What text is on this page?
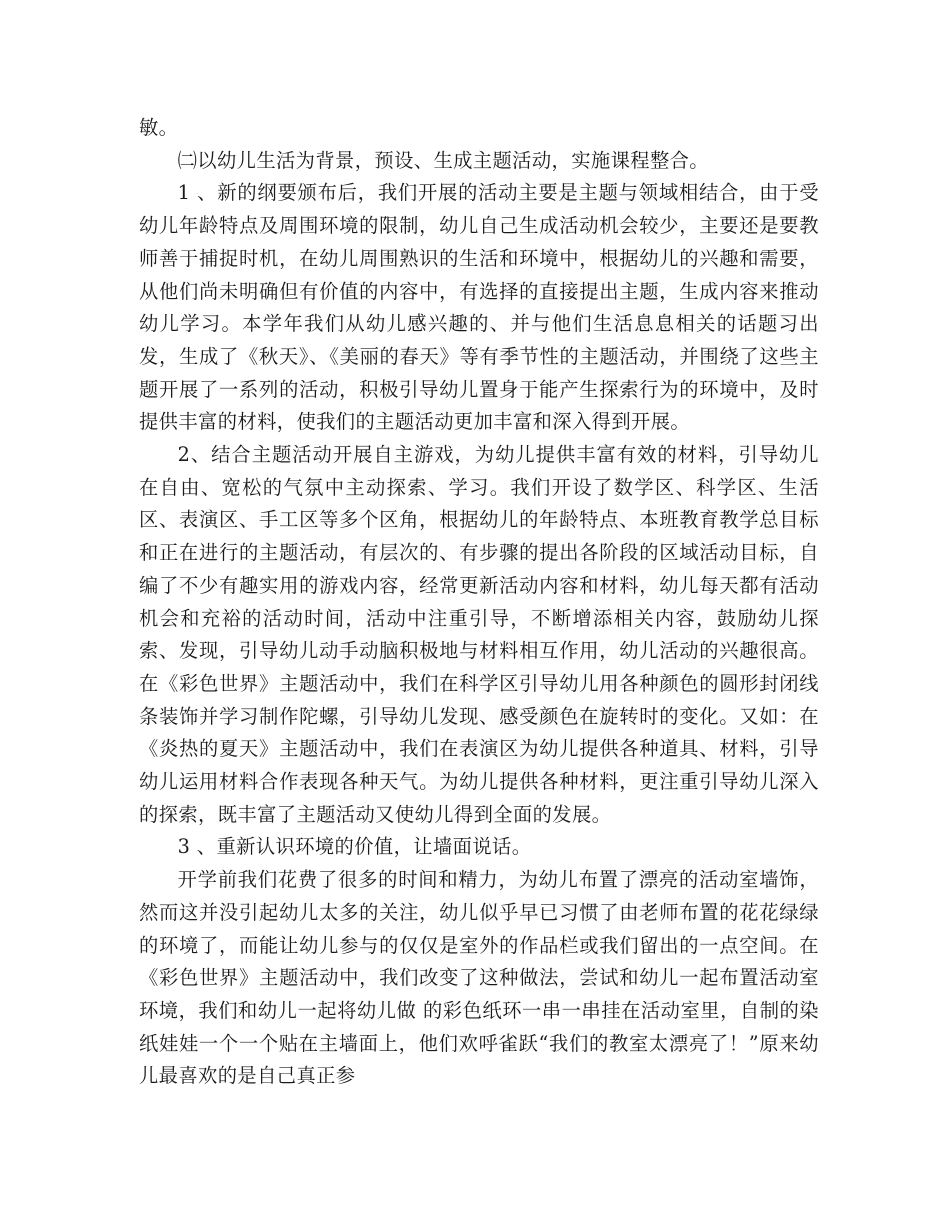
敏。

㈡以幼儿生活为背景，预设、生成主题活动，实施课程整合。

1 、新的纲要颁布后，我们开展的活动主要是主题与领域相结合，由于受幼儿年龄特点及周围环境的限制，幼儿自己生成活动机会较少，主要还是要教师善于捕捉时机，在幼儿周围熟识的生活和环境中，根据幼儿的兴趣和需要，从他们尚未明确但有价值的内容中，有选择的直接提出主题，生成内容来推动幼儿学习。本学年我们从幼儿感兴趣的、并与他们生活息息相关的话题习出发，生成了《秋天》、《美丽的春天》等有季节性的主题活动，并围绕了这些主题开展了一系列的活动，积极引导幼儿置身于能产生探索行为的环境中，及时提供丰富的材料，使我们的主题活动更加丰富和深入得到开展。

2、结合主题活动开展自主游戏，为幼儿提供丰富有效的材料，引导幼儿在自由、宽松的气氛中主动探索、学习。我们开设了数学区、科学区、生活区、表演区、手工区等多个区角，根据幼儿的年龄特点、本班教育教学总目标和正在进行的主题活动，有层次的、有步骤的提出各阶段的区域活动目标，自编了不少有趣实用的游戏内容，经常更新活动内容和材料，幼儿每天都有活动机会和充裕的活动时间，活动中注重引导，不断增添相关内容，鼓励幼儿探索、发现，引导幼儿动手动脑积极地与材料相互作用，幼儿活动的兴趣很高。在《彩色世界》主题活动中，我们在科学区引导幼儿用各种颜色的圆形封闭线条装饰并学习制作陀螺，引导幼儿发现、感受颜色在旋转时的变化。又如：在《炎热的夏天》主题活动中，我们在表演区为幼儿提供各种道具、材料，引导幼儿运用材料合作表现各种天气。为幼儿提供各种材料，更注重引导幼儿深入的探索，既丰富了主题活动又使幼儿得到全面的发展。

3 、重新认识环境的价值，让墙面说话。

开学前我们花费了很多的时间和精力，为幼儿布置了漂亮的活动室墙饰，然而这并没引起幼儿太多的关注，幼儿似乎早已习惯了由老师布置的花花绿绿的环境了，而能让幼儿参与的仅仅是室外的作品栏或我们留出的一点空间。在《彩色世界》主题活动中，我们改变了这种做法，尝试和幼儿一起布置活动室环境，我们和幼儿一起将幼儿做 的彩色纸环一串一串挂在活动室里，自制的染纸娃娃一个一个贴在主墙面上，他们欢呼雀跃“我们的教室太漂亮了！”原来幼儿最喜欢的是自己真正参
